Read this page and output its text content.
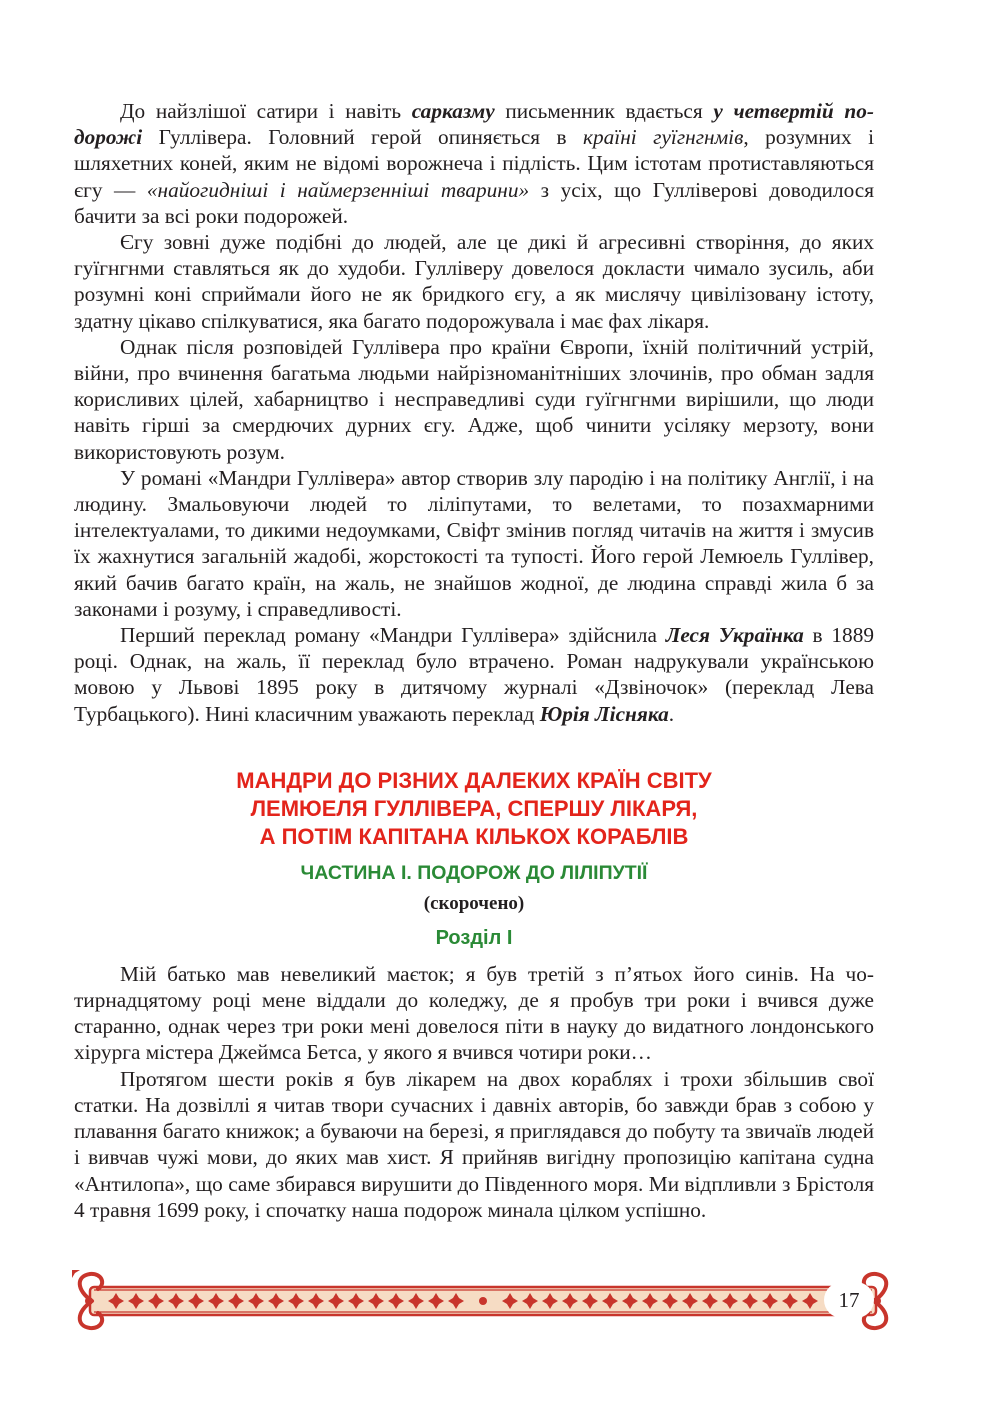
До найзлішої сатири і навіть сарказму письменник вдається у четвертій подорожі Гуллівера. Головний герой опиняється в країні гуїгнгнмів, розумних і шляхетних коней, яким не відомі ворожнеча і підлість. Цим істотам протиставляються єгу — «найогидніші і наймерзенніші тварини» з усіх, що Гулліверові доводилося бачити за всі роки подорожей.

Єгу зовні дуже подібні до людей, але це дикі й агресивні створіння, до яких гуїгнгнми ставляться як до худоби. Гулліверу довелося докласти чимало зусиль, аби розумні коні сприймали його не як бридкого єгу, а як мислячу цивілізовану істоту, здатну цікаво спілкуватися, яка багато подорожувала і має фах лікаря.

Однак після розповідей Гуллівера про країни Європи, їхній політичний устрій, війни, про вчинення багатьма людьми найрізноманітніших злочинів, про обман задля корисливих цілей, хабарництво і несправедливі суди гуїгнгнми вирішили, що люди навіть гірші за смердючих дурних єгу. Адже, щоб чинити усіляку мерзоту, вони використовують розум.

У романі «Мандри Гуллівера» автор створив злу пародію і на політику Англії, і на людину. Змальовуючи людей то ліліпутами, то велетами, то позахмарними інтелектуалами, то дикими недоумками, Свіфт змінив погляд читачів на життя і змусив їх жахнутися загальній жадобі, жорстокості та тупості. Його герой Лемюель Гуллівер, який бачив багато країн, на жаль, не знайшов жодної, де людина справді жила б за законами і розуму, і справедливості.

Перший переклад роману «Мандри Гуллівера» здійснила Леся Українка в 1889 році. Однак, на жаль, її переклад було втрачено. Роман надрукували українською мовою у Львові 1895 року в дитячому журналі «Дзвіночок» (переклад Лева Турбацького). Нині класичним уважають переклад Юрія Лісняка.

МАНДРИ ДО РІЗНИХ ДАЛЕКИХ КРАЇН СВІТУ
ЛЕМЮЕЛЯ ГУЛЛІВЕРА, СПЕРШУ ЛІКАРЯ,
А ПОТІМ КАПІТАНА КІЛЬКОХ КОРАБЛІВ
ЧАСТИНА І. ПОДОРОЖ ДО ЛІЛІПУТІЇ
(скорочено)
Розділ І

Мій батько мав невеликий маєток; я був третій з п’ятьох його синів. На чотирнадцятому році мене віддали до коледжу, де я пробув три роки і вчився дуже старанно, однак через три роки мені довелося піти в науку до видатного лондонського хірурга містера Джеймса Бетса, у якого я вчився чотири роки…

Протягом шести років я був лікарем на двох кораблях і трохи збільшив свої статки. На дозвіллі я читав твори сучасних і давніх авторів, бо завжди брав з собою у плавання багато книжок; а буваючи на березі, я приглядався до побуту та звичаїв людей і вивчав чужі мови, до яких мав хист. Я прийняв вигідну пропозицію капітана судна «Антилопа», що саме збирався вирушити до Південного моря. Ми відпливли з Брістоля 4 травня 1699 року, і спочатку наша подорож минала цілком успішно.

17
